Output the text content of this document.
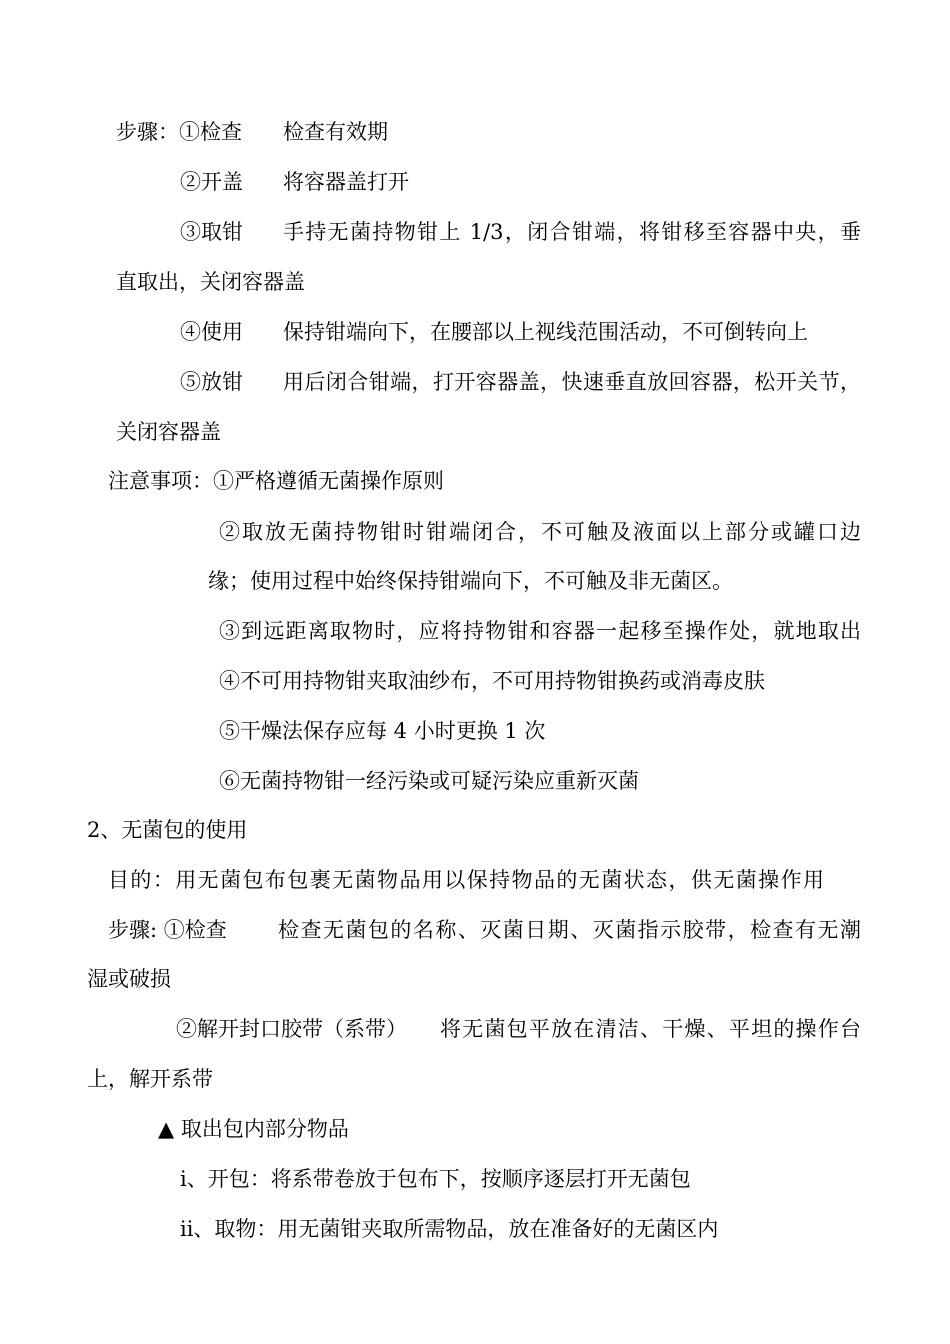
步骤：①检查 检查有效期
②开盖 将容器盖打开
③取钳 手持无菌持物钳上 1/3，闭合钳端，将钳移至容器中央，垂
直取出，关闭容器盖
④使用 保持钳端向下，在腰部以上视线范围活动，不可倒转向上
⑤放钳 用后闭合钳端，打开容器盖，快速垂直放回容器，松开关节，
关闭容器盖
注意事项：①严格遵循无菌操作原则
②取放无菌持物钳时钳端闭合，不可触及液面以上部分或罐口边
缘；使用过程中始终保持钳端向下，不可触及非无菌区。
③到远距离取物时，应将持物钳和容器一起移至操作处，就地取出
④不可用持物钳夹取油纱布，不可用持物钳换药或消毒皮肤
⑤干燥法保存应每 4 小时更换 1 次
⑥无菌持物钳一经污染或可疑污染应重新灭菌
2、无菌包的使用
目的：用无菌包布包裹无菌物品用以保持物品的无菌状态，供无菌操作用
步骤: ①检查 检查无菌包的名称、灭菌日期、灭菌指示胶带，检查有无潮
湿或破损
②解开封口胶带（系带） 将无菌包平放在清洁、干燥、平坦的操作台
上，解开系带
▲ 取出包内部分物品
ⅰ、开包：将系带卷放于包布下，按顺序逐层打开无菌包
ⅱ、取物：用无菌钳夹取所需物品，放在准备好的无菌区内
